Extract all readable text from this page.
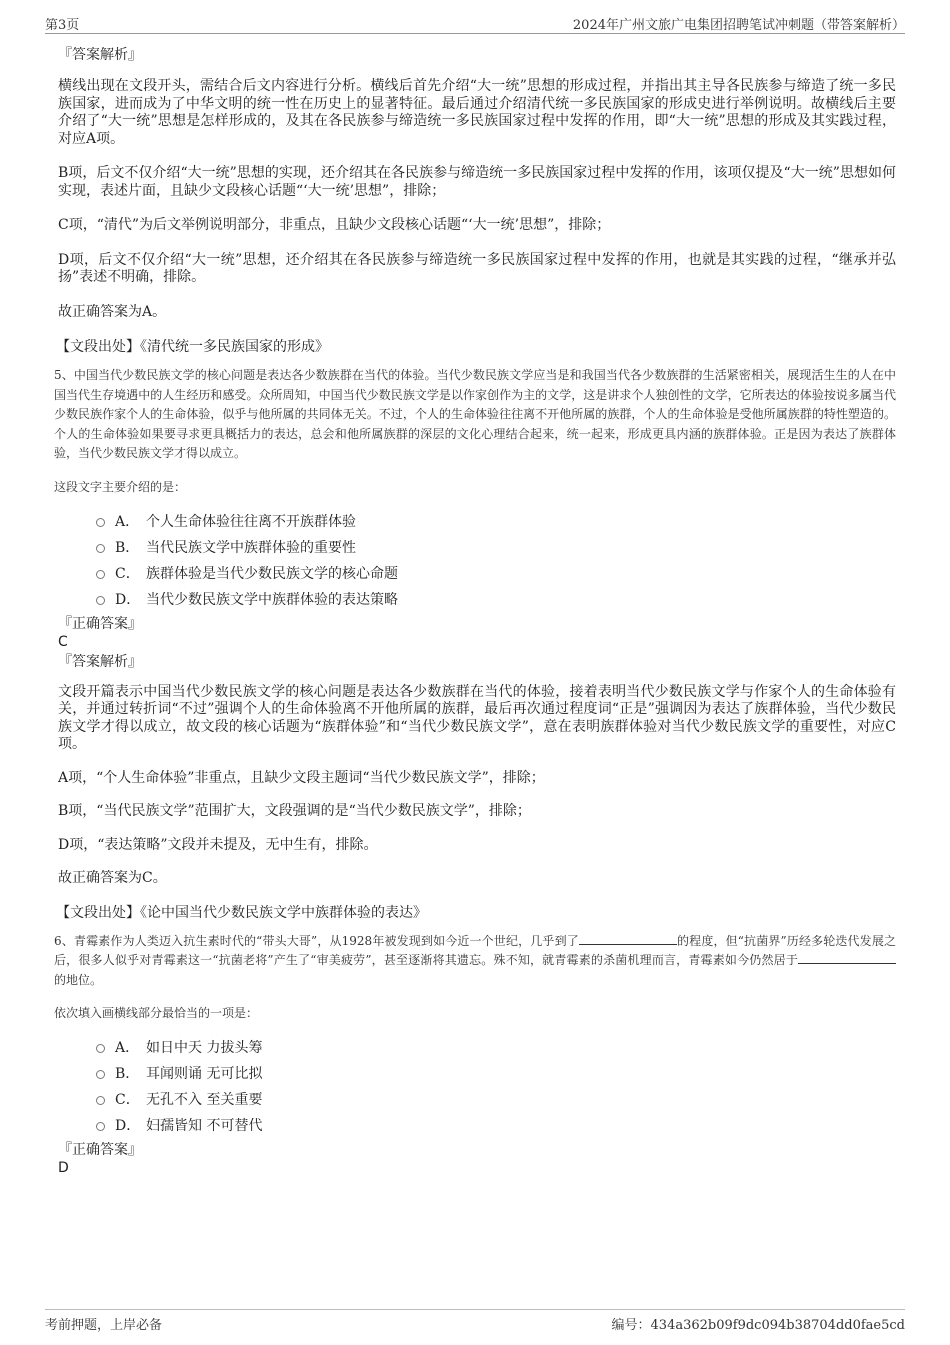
第3页	2024年广州文旅广电集团招聘笔试冲刺题（带答案解析）

『答案解析』

横线出现在文段开头，需结合后文内容进行分析。横线后首先介绍“大一统”思想的形成过程，并指出其主导各民族参与缔造了统一多民族国家，进而成为了中华文明的统一性在历史上的显著特征。最后通过介绍清代统一多民族国家的形成史进行举例说明。故横线后主要介绍了“大一统”思想是怎样形成的，及其在各民族参与缔造统一多民族国家过程中发挥的作用，即“大一统”思想的形成及其实践过程，对应A项。

B项，后文不仅介绍“大一统”思想的实现，还介绍其在各民族参与缔造统一多民族国家过程中发挥的作用，该项仅提及“大一统”思想如何实现，表述片面，且缺少文段核心话题“‘大一统’思想”，排除；

C项，“清代”为后文举例说明部分，非重点，且缺少文段核心话题“‘大一统’思想”，排除；

D项，后文不仅介绍“大一统”思想，还介绍其在各民族参与缔造统一多民族国家过程中发挥的作用，也就是其实践的过程，“继承并弘扬”表述不明确，排除。

故正确答案为A。

【文段出处】《清代统一多民族国家的形成》

5、中国当代少数民族文学的核心问题是表达各少数族群在当代的体验。当代少数民族文学应当是和我国当代各少数族群的生活紧密相关，展现活生生的人在中国当代生存境遇中的人生经历和感受。众所周知，中国当代少数民族文学是以作家创作为主的文学，这是讲求个人独创性的文学，它所表达的体验按说多属当代少数民族作家个人的生命体验，似乎与他所属的共同体无关。不过，个人的生命体验往往离不开他所属的族群，个人的生命体验是受他所属族群的特性塑造的。个人的生命体验如果要寻求更具概括力的表达，总会和他所属族群的深层的文化心理结合起来，统一起来，形成更具内涵的族群体验。正是因为表达了族群体验，当代少数民族文学才得以成立。

这段文字主要介绍的是：

A． 个人生命体验往往离不开族群体验
B． 当代民族文学中族群体验的重要性
C． 族群体验是当代少数民族文学的核心命题
D． 当代少数民族文学中族群体验的表达策略

『正确答案』

C

『答案解析』

文段开篇表示中国当代少数民族文学的核心问题是表达各少数族群在当代的体验，接着表明当代少数民族文学与作家个人的生命体验有关，并通过转折词“不过”强调个人的生命体验离不开他所属的族群，最后再次通过程度词“正是”强调因为表达了族群体验，当代少数民族文学才得以成立，故文段的核心话题为“族群体验”和“当代少数民族文学”，意在表明族群体验对当代少数民族文学的重要性，对应C项。

A项，“个人生命体验”非重点，且缺少文段主题词“当代少数民族文学”，排除；

B项，“当代民族文学”范围扩大，文段强调的是“当代少数民族文学”，排除；

D项，“表达策略”文段并未提及，无中生有，排除。

故正确答案为C。

【文段出处】《论中国当代少数民族文学中族群体验的表达》

6、青霉素作为人类迈入抗生素时代的“带头大哥”，从1928年被发现到如今近一个世纪，几乎到了	的程度，但“抗菌界”历经多轮迭代发展之后，很多人似乎对青霉素这一“抗菌老将”产生了“审美疲劳”，甚至逐渐将其遗忘。殊不知，就青霉素的杀菌机理而言，青霉素如今仍然居于的地位。

依次填入画横线部分最恰当的一项是：

A． 如日中天 力拔头筹
B． 耳闻则诵 无可比拟
C． 无孔不入 至关重要
D． 妇孺皆知 不可替代

『正确答案』

D

考前押题，上岸必备	编号：434a362b09f9dc094b38704dd0fae5cd
